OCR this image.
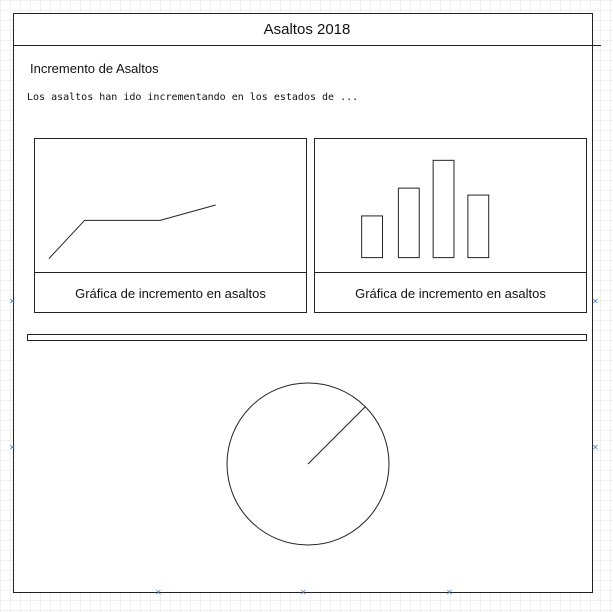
Asaltos 2018
Incremento de Asaltos
Los asaltos han ido incrementando en los estados de ...
Gráfica de incremento en asaltos	Gráfica de incremento en asaltos
✕	✕
✕	✕
✕	✕	✕
